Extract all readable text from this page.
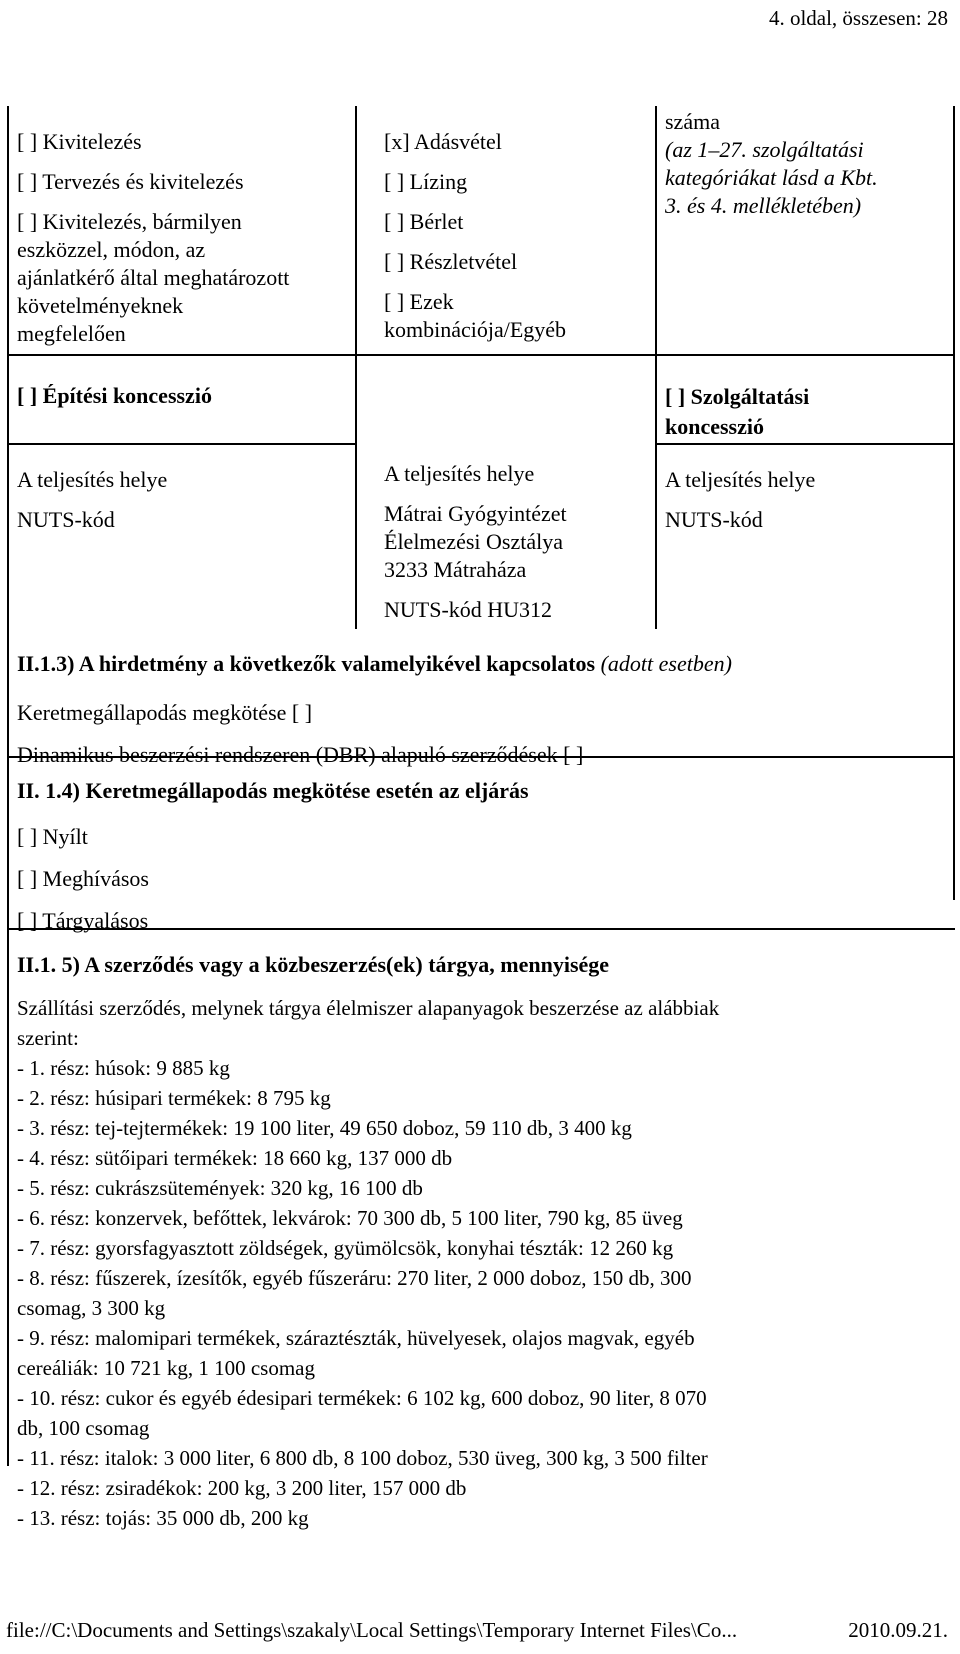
4. oldal, összesen: 28
[ ] Kivitelezés
[ ] Tervezés és kivitelezés
[ ] Kivitelezés, bármilyen
eszközzel, módon, az
ajánlatkérő által meghatározott
követelményeknek
megfelelően
[x] Adásvétel
[ ] Lízing
[ ] Bérlet
[ ] Részletvétel
[ ] Ezek
kombinációja/Egyéb
száma
(az 1–27. szolgáltatási
kategóriákat lásd a Kbt.
3. és 4. mellékletében)
[ ] Építési koncesszió	[ ] Szolgáltatási
koncesszió
A teljesítés helye
NUTS-kód
A teljesítés helye
Mátrai Gyógyintézet
Élelmezési Osztálya
3233 Mátraháza
NUTS-kód HU312
A teljesítés helye
NUTS-kód
II.1.3) A hirdetmény a következők valamelyikével kapcsolatos (adott esetben)
Keretmegállapodás megkötése [ ]
Dinamikus beszerzési rendszeren (DBR) alapuló szerződések [ ]
II. 1.4) Keretmegállapodás megkötése esetén az eljárás
[ ] Nyílt
[ ] Meghívásos
[ ] Tárgyalásos
II.1. 5) A szerződés vagy a közbeszerzés(ek) tárgya, mennyisége
Szállítási szerződés, melynek tárgya élelmiszer alapanyagok beszerzése az alábbiak
szerint:
- 1. rész: húsok: 9 885 kg
- 2. rész: húsipari termékek: 8 795 kg
- 3. rész: tej-tejtermékek: 19 100 liter, 49 650 doboz, 59 110 db, 3 400 kg
- 4. rész: sütőipari termékek: 18 660 kg, 137 000 db
- 5. rész: cukrászsütemények: 320 kg, 16 100 db
- 6. rész: konzervek, befőttek, lekvárok: 70 300 db, 5 100 liter, 790 kg, 85 üveg
- 7. rész: gyorsfagyasztott zöldségek, gyümölcsök, konyhai tészták: 12 260 kg
- 8. rész: fűszerek, ízesítők, egyéb fűszeráru: 270 liter, 2 000 doboz, 150 db, 300
csomag, 3 300 kg
- 9. rész: malomipari termékek, száraztészták, hüvelyesek, olajos magvak, egyéb
cereáliák: 10 721 kg, 1 100 csomag
- 10. rész: cukor és egyéb édesipari termékek: 6 102 kg, 600 doboz, 90 liter, 8 070
db, 100 csomag
- 11. rész: italok: 3 000 liter, 6 800 db, 8 100 doboz, 530 üveg, 300 kg, 3 500 filter
- 12. rész: zsiradékok: 200 kg, 3 200 liter, 157 000 db
- 13. rész: tojás: 35 000 db, 200 kg
file://C:\Documents and Settings\szakaly\Local Settings\Temporary Internet Files\Co...	2010.09.21.
